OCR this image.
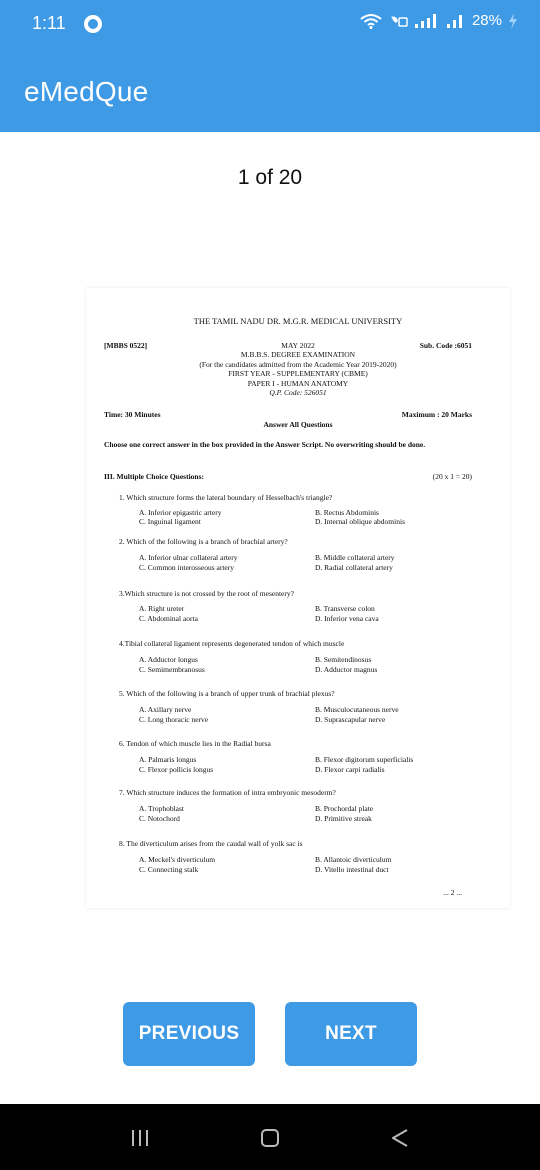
1:11	28%
eMedQue
1 of 20
THE TAMIL NADU DR. M.G.R. MEDICAL UNIVERSITY
[MBBS 0522]	MAY 2022	Sub. Code :6051
M.B.B.S. DEGREE EXAMINATION
(For the candidates admitted from the Academic Year 2019-2020)
FIRST YEAR - SUPPLEMENTARY (CBME)
PAPER I - HUMAN ANATOMY
Q.P. Code: 526051
Time: 30 Minutes	Maximum : 20 Marks
Answer All Questions
Choose one correct answer in the box provided in the Answer Script. No overwriting should be done.
III. Multiple Choice Questions:	(20 x 1 = 20)
1. Which structure forms the lateral boundary of Hesselbach's triangle?
A. Inferior epigastric artery	B. Rectus Abdominis
C. Inguinal ligament	D. Internal oblique abdominis
2. Which of the following is a branch of brachial artery?
A. Inferior ulnar collateral artery	B. Middle collateral artery
C. Common interosseous artery	D. Radial collateral artery
3.Which structure is not crossed by the root of mesentery?
A. Right ureter	B. Transverse colon
C. Abdominal aorta	D. Inferior vena cava
4.Tibial collateral ligament represents degenerated tendon of which muscle
A. Adductor longus	B. Semitendinosus
C. Semimembranosus	D. Adductor magnus
5. Which of the following is a branch of upper trunk of brachial plexus?
A. Axillary nerve	B. Musculocutaneous nerve
C. Long thoracic nerve	D. Suprascapular nerve
6. Tendon of which muscle lies in the Radial bursa
A. Palmaris longus	B. Flexor digitorum superficialis
C. Flexor pollicis longus	D. Flexor carpi radialis
7. Which structure induces the formation of intra embryonic mesoderm?
A. Trophoblast	B. Prochordal plate
C. Notochord	D. Primitive streak
8. The diverticulum arises from the caudal wall of yolk sac is
A. Meckel's diverticulum	B. Allantoic diverticulum
C. Connecting stalk	D. Vitello intestinal duct
... 2 ...
PREVIOUS	NEXT
